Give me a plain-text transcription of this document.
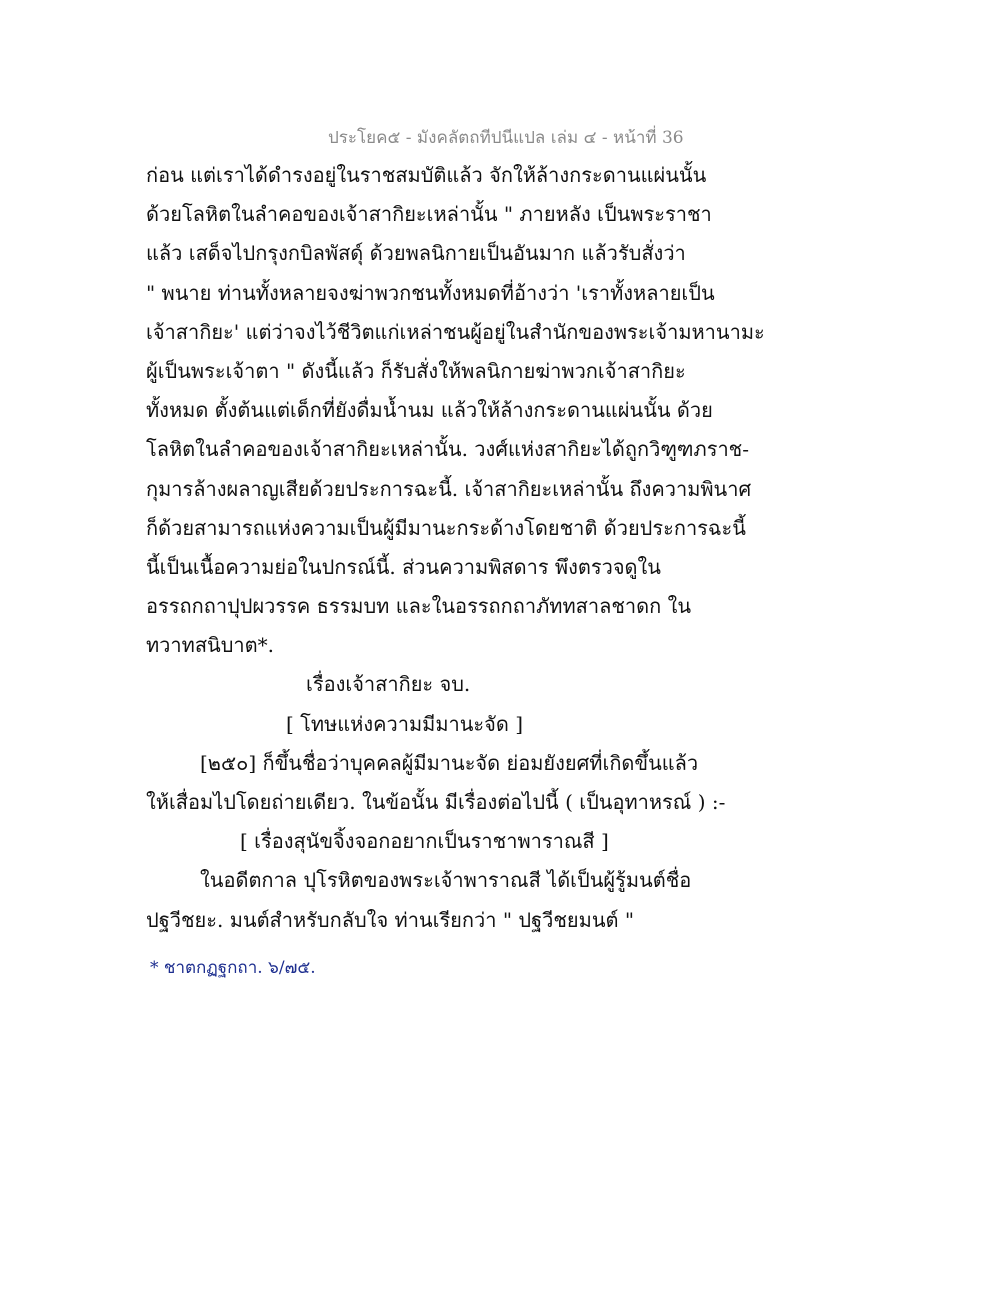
ประโยค๕ - มังคลัตถทีปนีแปล เล่ม ๔ - หน้าที่ 36
ก่อน แต่เราได้ดำรงอยู่ในราชสมบัติแล้ว จักให้ล้างกระดานแผ่นนั้น
ด้วยโลหิตในลำคอของเจ้าสากิยะเหล่านั้น " ภายหลัง เป็นพระราชา
แล้ว เสด็จไปกรุงกบิลพัสดุ์ ด้วยพลนิกายเป็นอันมาก แล้วรับสั่งว่า
" พนาย ท่านทั้งหลายจงฆ่าพวกชนทั้งหมดที่อ้างว่า 'เราทั้งหลายเป็น
เจ้าสากิยะ' แต่ว่าจงไว้ชีวิตแก่เหล่าชนผู้อยู่ในสำนักของพระเจ้ามหานามะ
ผู้เป็นพระเจ้าตา " ดังนี้แล้ว ก็รับสั่งให้พลนิกายฆ่าพวกเจ้าสากิยะ
ทั้งหมด ตั้งต้นแต่เด็กที่ยังดื่มน้ำนม แล้วให้ล้างกระดานแผ่นนั้น ด้วย
โลหิตในลำคอของเจ้าสากิยะเหล่านั้น. วงศ์แห่งสากิยะได้ถูกวิฑูฑภราช-
กุมารล้างผลาญเสียด้วยประการฉะนี้. เจ้าสากิยะเหล่านั้น ถึงความพินาศ
ก็ด้วยสามารถแห่งความเป็นผู้มีมานะกระด้างโดยชาติ ด้วยประการฉะนี้
นี้เป็นเนื้อความย่อในปกรณ์นี้. ส่วนความพิสดาร พึงตรวจดูใน
อรรถกถาปุปผวรรค ธรรมบท และในอรรถกถาภัททสาลชาดก ใน
ทวาทสนิบาต*.
เรื่องเจ้าสากิยะ จบ.
[ โทษแห่งความมีมานะจัด ]
[๒๕๐] ก็ขึ้นชื่อว่าบุคคลผู้มีมานะจัด ย่อมยังยศที่เกิดขึ้นแล้ว
ให้เสื่อมไปโดยถ่ายเดียว. ในข้อนั้น มีเรื่องต่อไปนี้ ( เป็นอุทาหรณ์ ) :-
[ เรื่องสุนัขจิ้งจอกอยากเป็นราชาพาราณสี ]
ในอดีตกาล ปุโรหิตของพระเจ้าพาราณสี ได้เป็นผู้รู้มนต์ชื่อ
ปฐวีชยะ. มนต์สำหรับกลับใจ ท่านเรียกว่า " ปฐวีชยมนต์ "
* ชาตกฏฐกถา. ๖/๗๕.
